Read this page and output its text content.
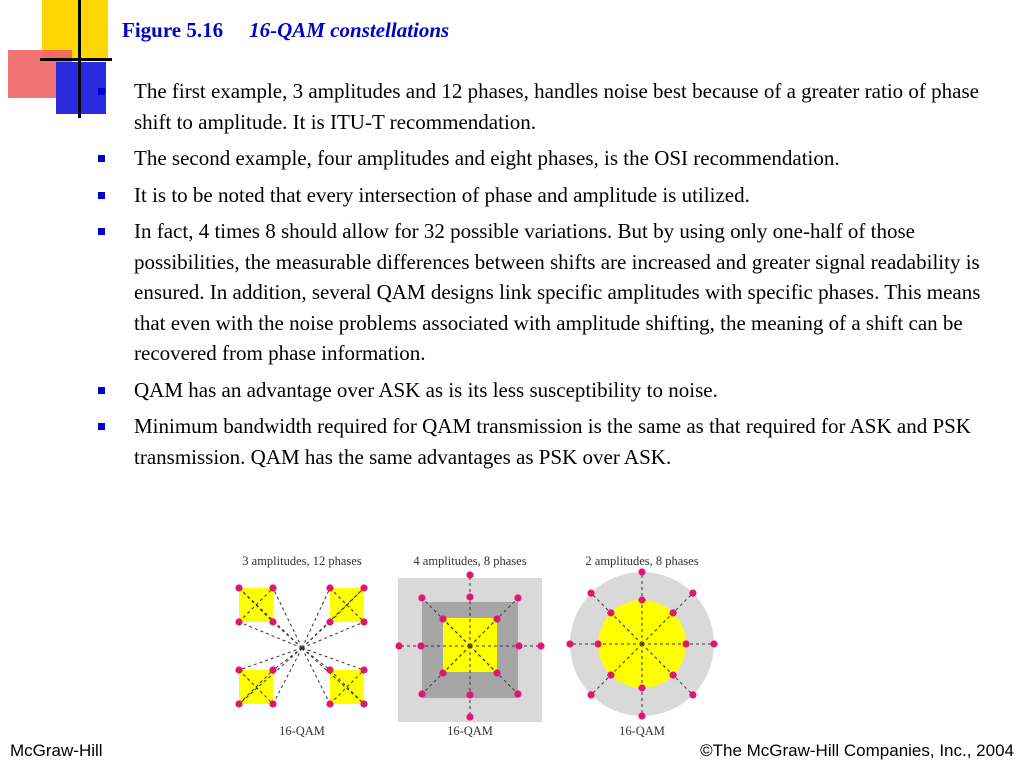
Figure 5.16 16-QAM constellations
The first example, 3 amplitudes and 12 phases, handles noise best because of a greater ratio of phase shift to amplitude. It is ITU-T recommendation.
The second example, four amplitudes and eight phases, is the OSI recommendation.
It is to be noted that every intersection of phase and amplitude is utilized.
In fact, 4 times 8 should allow for 32 possible variations. But by using only one-half of those possibilities, the measurable differences between shifts are increased and greater signal readability is ensured. In addition, several QAM designs link specific amplitudes with specific phases. This means that even with the noise problems associated with amplitude shifting, the meaning of a shift can be recovered from phase information.
QAM has an advantage over ASK as is its less susceptibility to noise.
Minimum bandwidth required for QAM transmission is the same as that required for ASK and PSK transmission. QAM has the same advantages as PSK over ASK.
3 amplitudes, 12 phases	4 amplitudes, 8 phases	2 amplitudes, 8 phases
16-QAM	16-QAM	16-QAM
McGraw-Hill	©The McGraw-Hill Companies, Inc., 2004
